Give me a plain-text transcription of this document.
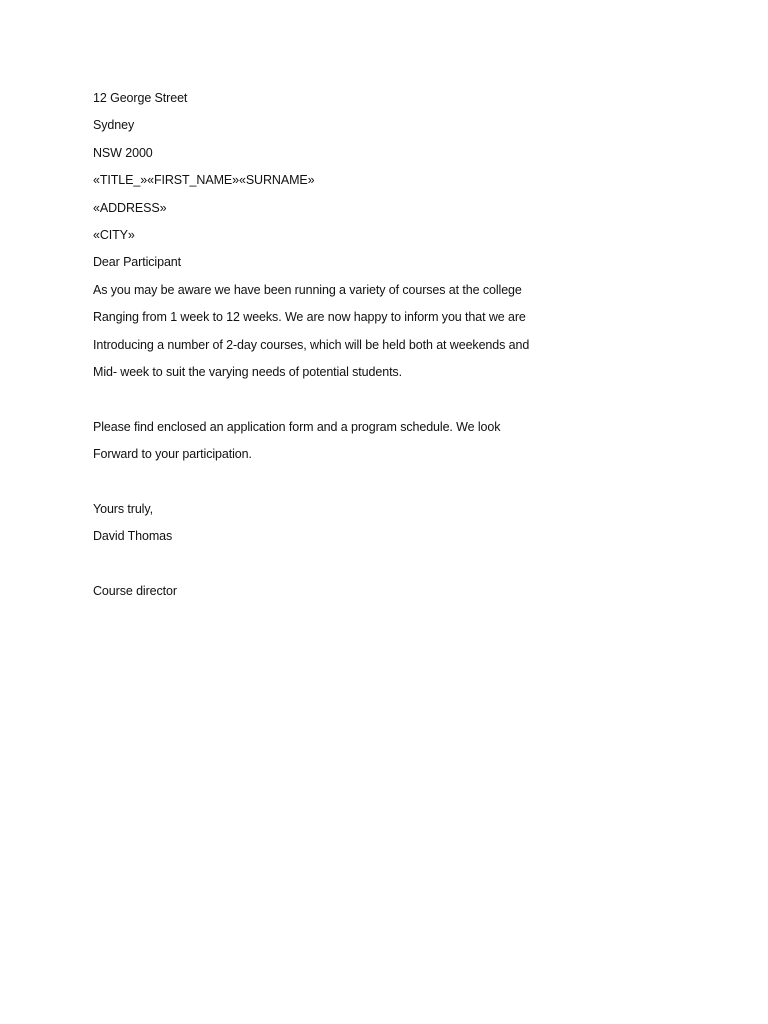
12 George Street
Sydney
NSW 2000
«TITLE_»«FIRST_NAME»«SURNAME»
«ADDRESS»
«CITY»
Dear Participant
As you may be aware we have been running a variety of courses at the college
Ranging from 1 week to 12 weeks. We are now happy to inform you that we are
Introducing a number of 2-day courses, which will be held both at weekends and
Mid- week to suit the varying needs of potential students.
Please find enclosed an application form and a program schedule. We look
Forward to your participation.
Yours truly,
David Thomas
Course director
